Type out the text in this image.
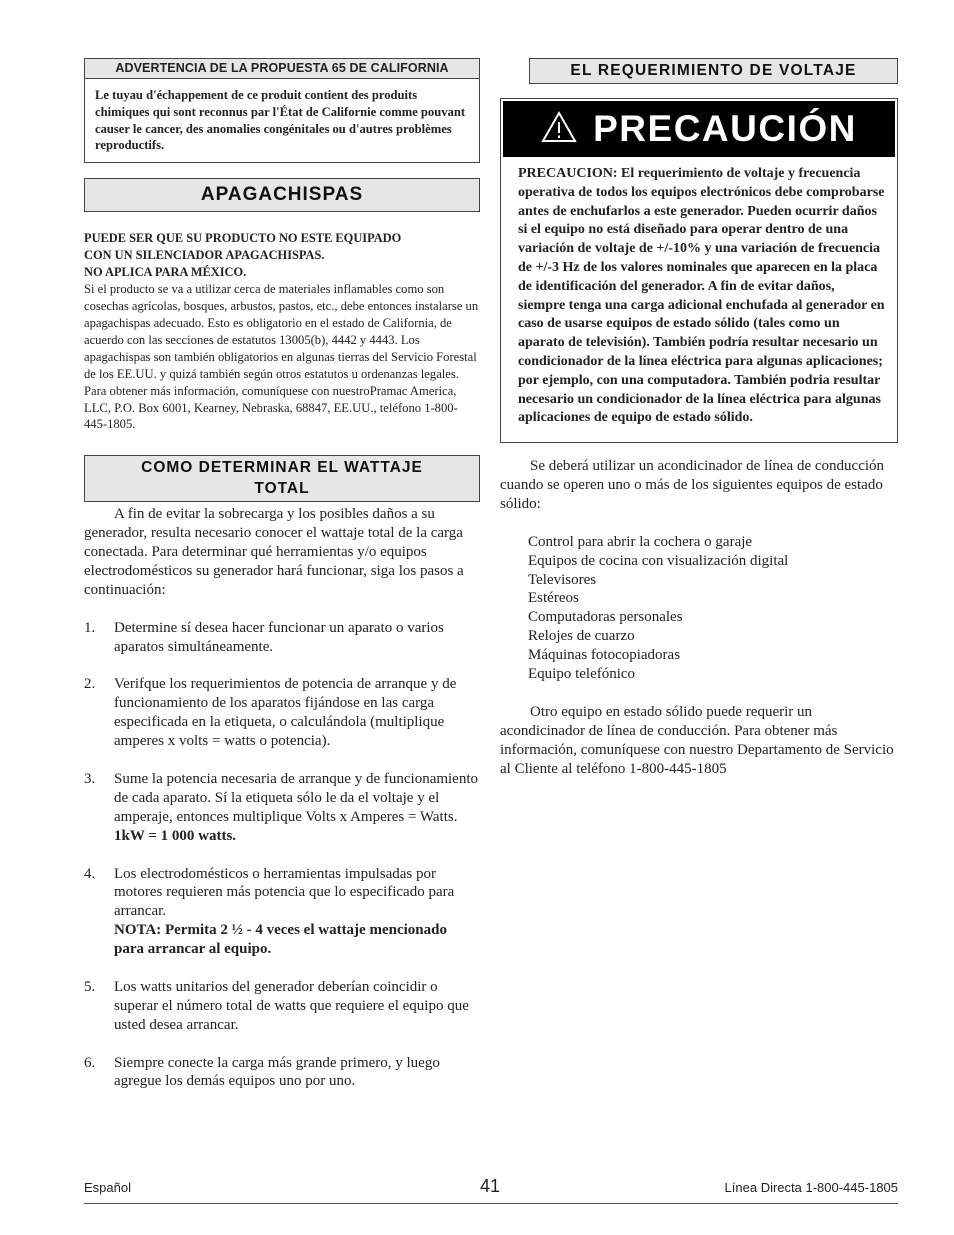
ADVERTENCIA DE LA PROPUESTA 65 DE CALIFORNIA
Le tuyau d'échappement de ce produit contient des produits chimiques qui sont reconnus par l'État de Californie comme pouvant causer le cancer, des anomalies congénitales ou d'autres problèmes reproductifs.
APAGACHISPAS
PUEDE SER QUE SU PRODUCTO NO ESTE EQUIPADO
CON UN SILENCIADOR APAGACHISPAS.
NO APLICA PARA MÉXICO.
Si el producto se va a utilizar cerca de materiales inflamables como son cosechas agrícolas, bosques, arbustos, pastos, etc., debe entonces instalarse un apagachispas adecuado. Esto es obligatorio en el estado de California, de acuerdo con las secciones de estatutos 13005(b), 4442 y 4443. Los apagachispas son también obligatorios en algunas tierras del Servicio Forestal de los EE.UU. y quizá también según otros estatutos u ordenanzas legales. Para obtener más información, comuníquese con nuestroPramac America, LLC, P.O. Box 6001, Kearney, Nebraska, 68847, EE.UU., teléfono 1-800-445-1805.
COMO DETERMINAR EL WATTAJE
TOTAL
A fin de evitar la sobrecarga y los posibles daños a su generador, resulta necesario conocer el wattaje total de la carga conectada. Para determinar qué herramientas y/o equipos electrodomésticos su generador hará funcionar, siga los pasos a continuación:
1. Determine sí desea hacer funcionar un aparato o varios aparatos simultáneamente.
2. Verifque los requerimientos de potencia de arranque y de funcionamiento de los aparatos fijándose en las carga especificada en la etiqueta, o calculándola (multiplique amperes x volts = watts o potencia).
3. Sume la potencia necesaria de arranque y de funcionamiento de cada aparato. Sí la etiqueta sólo le da el voltaje y el amperaje, entonces multiplique Volts x Amperes = Watts. 1kW = 1 000 watts.
4. Los electrodomésticos o herramientas impulsadas por motores requieren más potencia que lo especificado para arrancar.
NOTA: Permita 2 ½ - 4 veces el wattaje mencionado para arrancar al equipo.
5. Los watts unitarios del generador deberían coincidir o superar el número total de watts que requiere el equipo que usted desea arrancar.
6. Siempre conecte la carga más grande primero, y luego agregue los demás equipos uno por uno.
EL REQUERIMIENTO DE VOLTAJE
PRECAUCIÓN
PRECAUCION: El requerimiento de voltaje y frecuencia operativa de todos los equipos electrónicos debe comprobarse antes de enchufarlos a este generador. Pueden ocurrir daños si el equipo no está diseñado para operar dentro de una variación de voltaje de +/-10% y una variación de frecuencia de +/-3 Hz de los valores nominales que aparecen en la placa de identificación del generador. A fin de evitar daños, siempre tenga una carga adicional enchufada al generador en caso de usarse equipos de estado sólido (tales como un aparato de televisión). También podría resultar necesario un condicionador de la línea eléctrica para algunas aplicaciones; por ejemplo, con una computadora. También podria resultar necesario un condicionador de la línea eléctrica para algunas aplicaciones de equipo de estado sólido.
Se deberá utilizar un acondicinador de línea de conducción cuando se operen uno o más de los siguientes equipos de estado sólido:
Control para abrir la cochera o garaje
Equipos de cocina con visualización digital
Televisores
Estéreos
Computadoras personales
Relojes de cuarzo
Máquinas fotocopiadoras
Equipo telefónico
Otro equipo en estado sólido puede requerir un acondicinador de línea de conducción. Para obtener más información, comuníquese con nuestro Departamento de Servicio al Cliente al teléfono 1-800-445-1805
Español	41	Línea Directa 1-800-445-1805
